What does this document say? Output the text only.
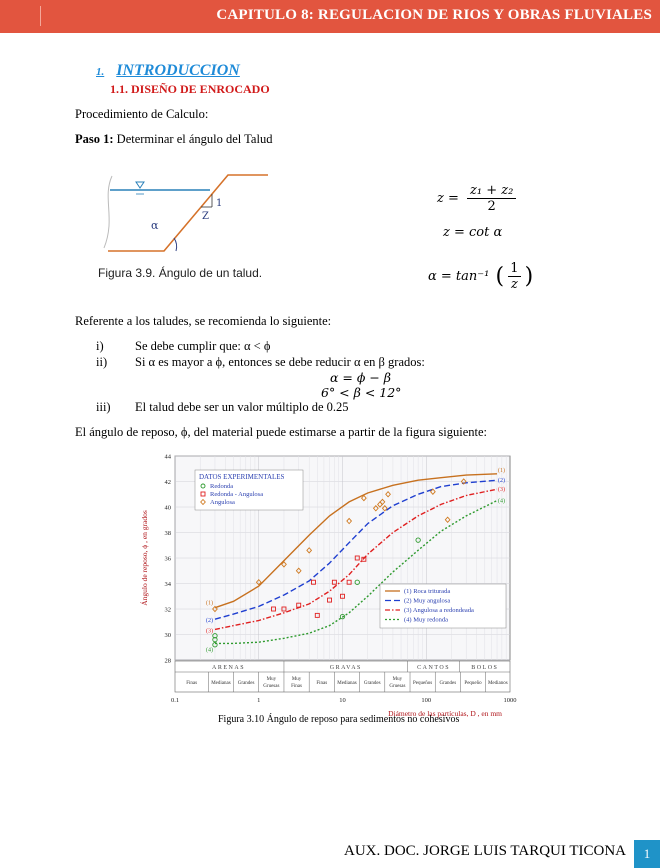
CAPITULO 8: REGULACION DE RIOS Y OBRAS FLUVIALES
1. INTRODUCCION
1.1. DISEÑO DE ENROCADO
Procedimiento de Calculo:
Paso 1: Determinar el ángulo del Talud
Z
1
α
Figura 3.9. Ángulo de un talud.
$z = \frac{\text{z₁ + z₂}}{2}$
z = cot α
α = tan⁻¹ ( $\frac{1}{z}$ )
Referente a los taludes, se recomienda lo siguiente:
i)	Se debe cumplir que: α < ϕ
ii) Si α es mayor a ϕ, entonces se debe reducir α en β grados:
α = ϕ − β
6° < β < 12°
iii) El talud debe ser un valor múltiplo de 0.25
El ángulo de reposo, ϕ, del material puede estimarse a partir de la figura siguiente:
28
30
32
34
36
38
40
42
44
(1)
(1)
(2)
(2)
(3)
(3)
(4)
(4)
DATOS EXPERIMENTALES
Redonda
Redonda - Angulosa
Angulosa
(1) Roca triturada
(2) Muy angulosa
(3) Angulosa a redondeada
(4) Muy redonda
Ángulo de reposo, ϕ , en grados
ARENAS	GRAVAS	CANTOS	BOLOS
Finas	Medianas Grandes
Muy
Gruesas
Muy
Finas
Finas Medianas Grandes
Muy
Gruesas
Pequeños Grandes Pequeño Medianos
0.1	1	10	100	1000
Diámetro de las partículas, D , en mm
Figura 3.10 Ángulo de reposo para sedimentos no cohesivos
AUX. DOC. JORGE LUIS TARQUI TICONA	1
